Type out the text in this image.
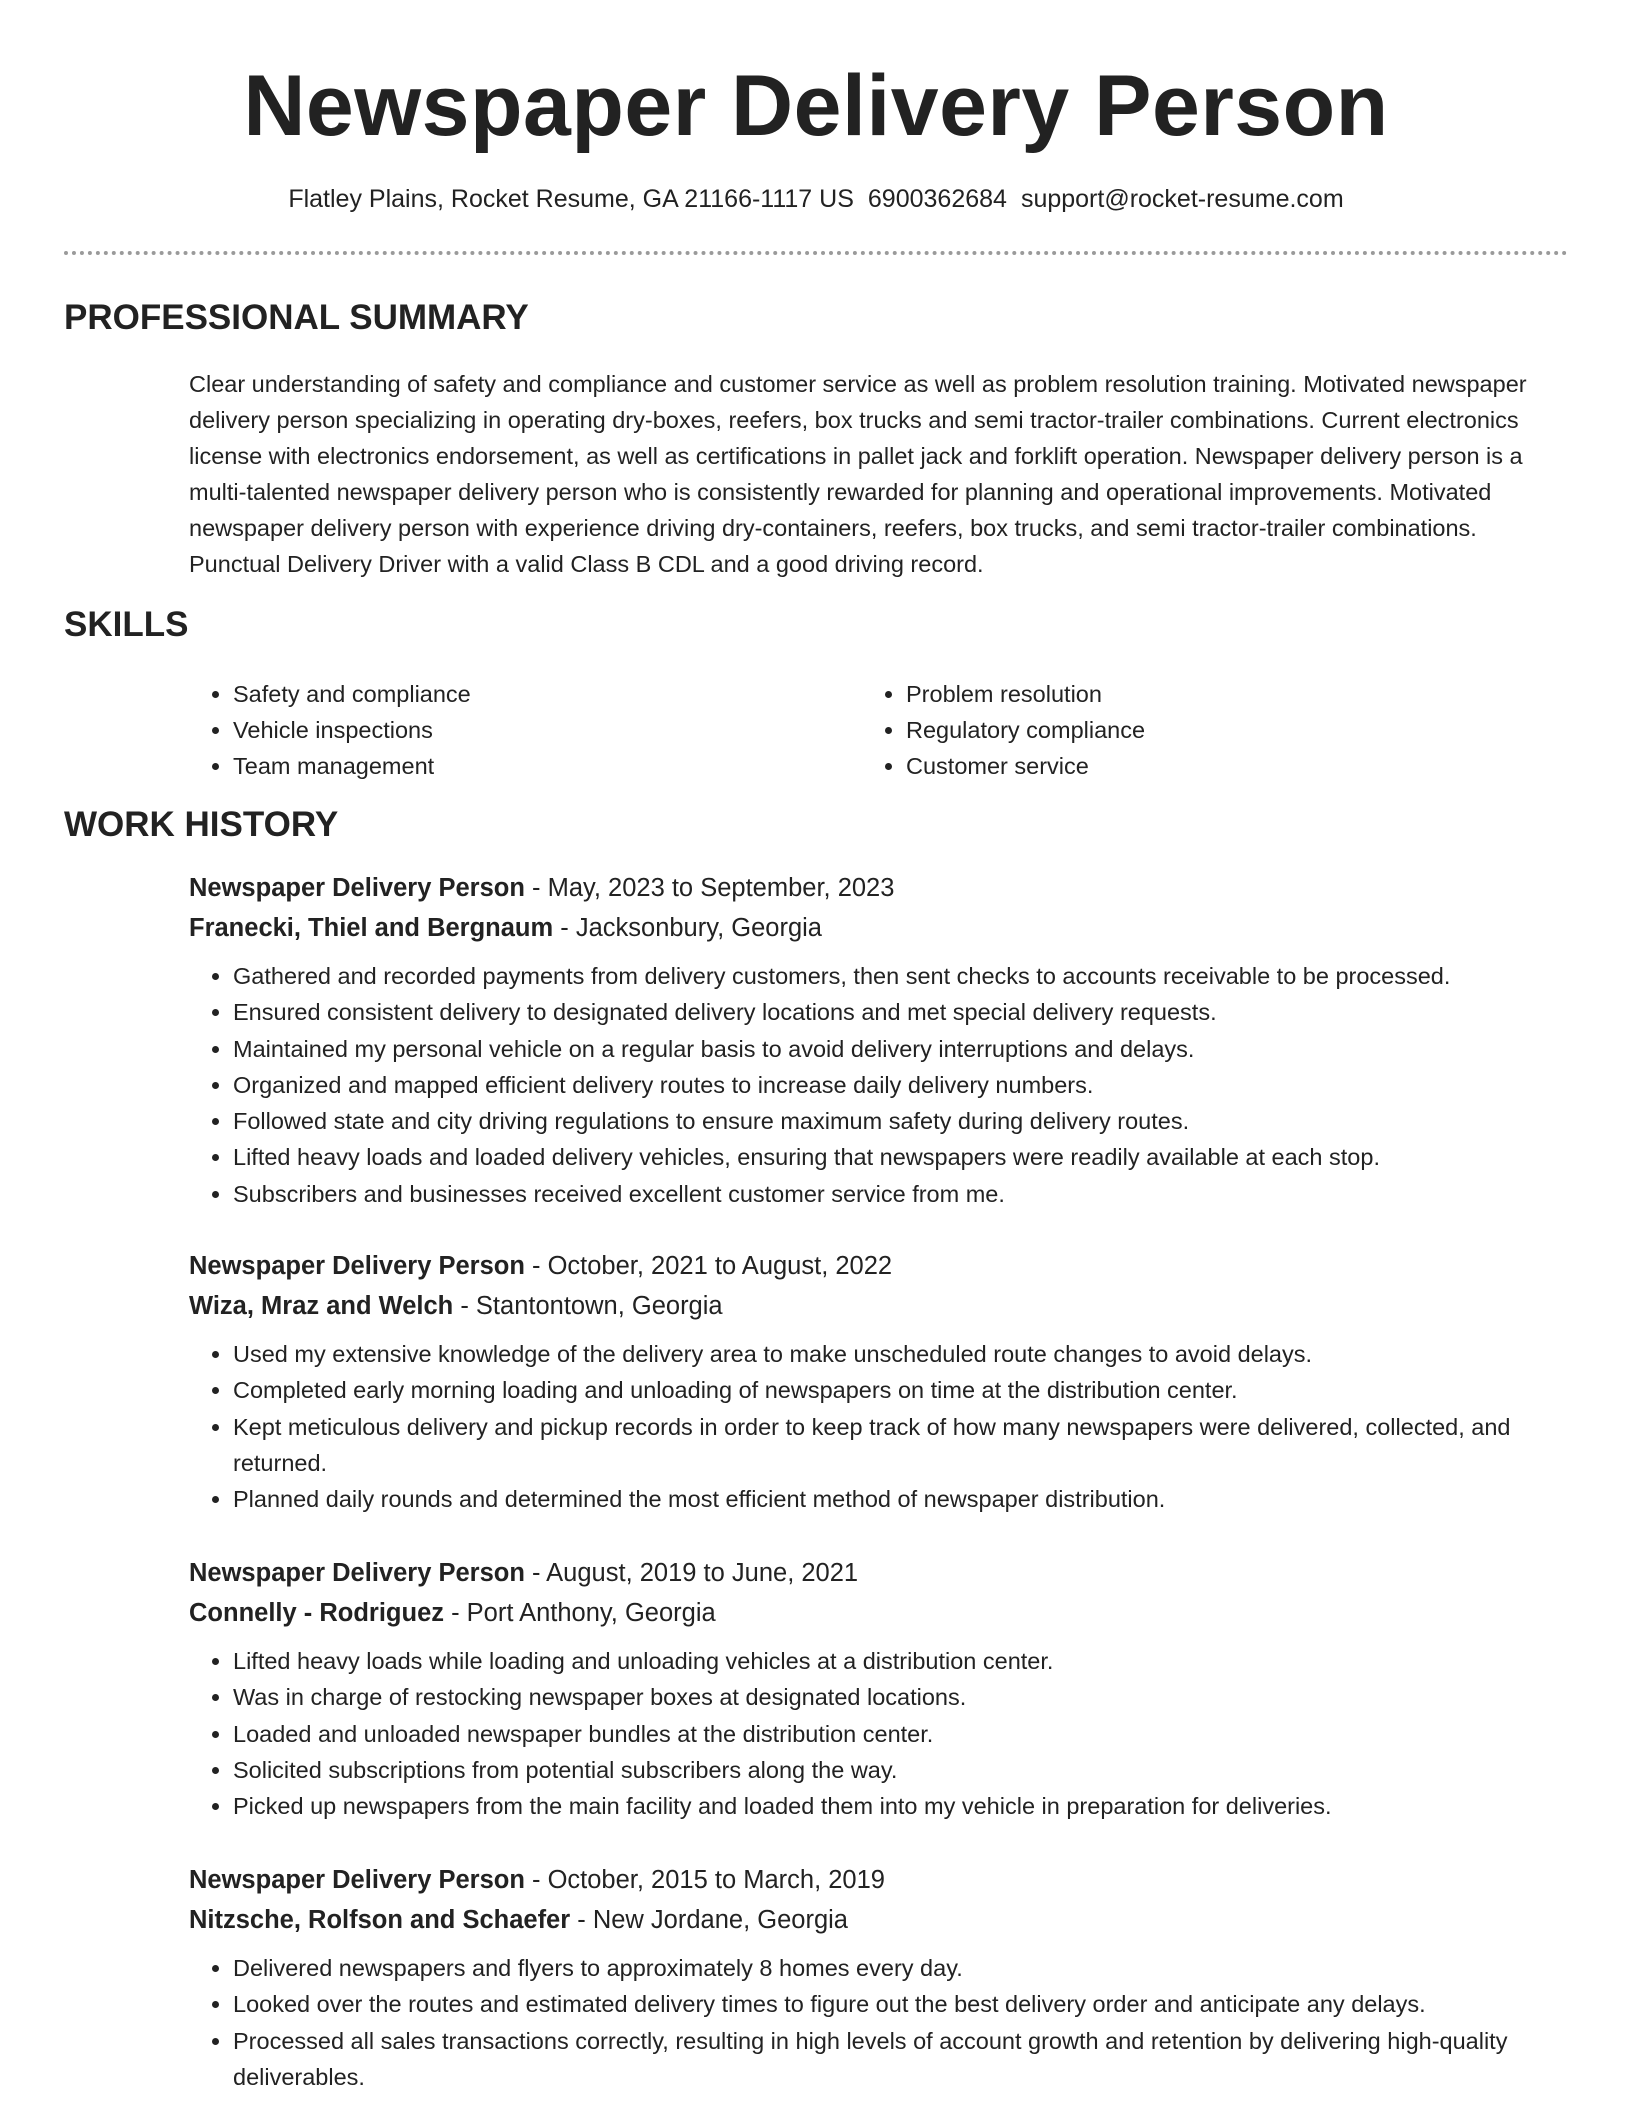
Newspaper Delivery Person
Flatley Plains, Rocket Resume, GA 21166-1117 US 6900362684 support@rocket-resume.com
PROFESSIONAL SUMMARY

Clear understanding of safety and compliance and customer service as well as problem resolution training. Motivated newspaper delivery person specializing in operating dry-boxes, reefers, box trucks and semi tractor-trailer combinations. Current electronics license with electronics endorsement, as well as certifications in pallet jack and forklift operation. Newspaper delivery person is a multi-talented newspaper delivery person who is consistently rewarded for planning and operational improvements. Motivated newspaper delivery person with experience driving dry-containers, reefers, box trucks, and semi tractor-trailer combinations. Punctual Delivery Driver with a valid Class B CDL and a good driving record.

SKILLS
• Safety and compliance
• Vehicle inspections
• Team management
• Problem resolution
• Regulatory compliance
• Customer service
WORK HISTORY
Newspaper Delivery Person - May, 2023 to September, 2023
Franecki, Thiel and Bergnaum - Jacksonbury, Georgia
• Gathered and recorded payments from delivery customers, then sent checks to accounts receivable to be processed.
• Ensured consistent delivery to designated delivery locations and met special delivery requests.
• Maintained my personal vehicle on a regular basis to avoid delivery interruptions and delays.
• Organized and mapped efficient delivery routes to increase daily delivery numbers.
• Followed state and city driving regulations to ensure maximum safety during delivery routes.
• Lifted heavy loads and loaded delivery vehicles, ensuring that newspapers were readily available at each stop.
• Subscribers and businesses received excellent customer service from me.
Newspaper Delivery Person - October, 2021 to August, 2022
Wiza, Mraz and Welch - Stantontown, Georgia
• Used my extensive knowledge of the delivery area to make unscheduled route changes to avoid delays.
• Completed early morning loading and unloading of newspapers on time at the distribution center.
• Kept meticulous delivery and pickup records in order to keep track of how many newspapers were delivered, collected, and returned.
• Planned daily rounds and determined the most efficient method of newspaper distribution.
Newspaper Delivery Person - August, 2019 to June, 2021
Connelly - Rodriguez - Port Anthony, Georgia
• Lifted heavy loads while loading and unloading vehicles at a distribution center.
• Was in charge of restocking newspaper boxes at designated locations.
• Loaded and unloaded newspaper bundles at the distribution center.
• Solicited subscriptions from potential subscribers along the way.
• Picked up newspapers from the main facility and loaded them into my vehicle in preparation for deliveries.
Newspaper Delivery Person - October, 2015 to March, 2019
Nitzsche, Rolfson and Schaefer - New Jordane, Georgia
• Delivered newspapers and flyers to approximately 8 homes every day.
• Looked over the routes and estimated delivery times to figure out the best delivery order and anticipate any delays.
• Processed all sales transactions correctly, resulting in high levels of account growth and retention by delivering high-quality deliverables.
